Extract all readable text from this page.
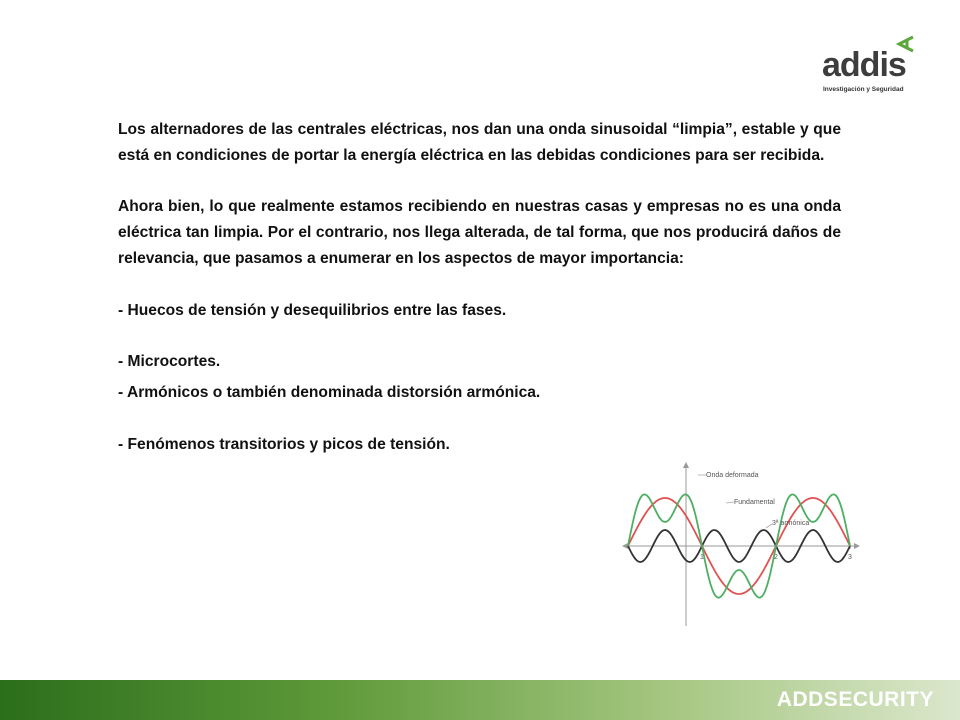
addis
Investigación y Seguridad

Los alternadores de las centrales eléctricas, nos dan una onda sinusoidal “limpia”, estable y que está en condiciones de portar la energía eléctrica en las debidas condiciones para ser recibida.

Ahora bien, lo que realmente estamos recibiendo en nuestras casas y empresas no es una onda eléctrica tan limpia. Por el contrario, nos llega alterada, de tal forma, que nos producirá daños de relevancia, que pasamos a enumerar en los aspectos de mayor importancia:

- Huecos de tensión y desequilibrios entre las fases.

- Microcortes.

- Armónicos o también denominada distorsión armónica.

- Fenómenos transitorios y picos de tensión.

1	2	3
Onda deformada
Fundamental
3ª armónica
ADDSECURITY
